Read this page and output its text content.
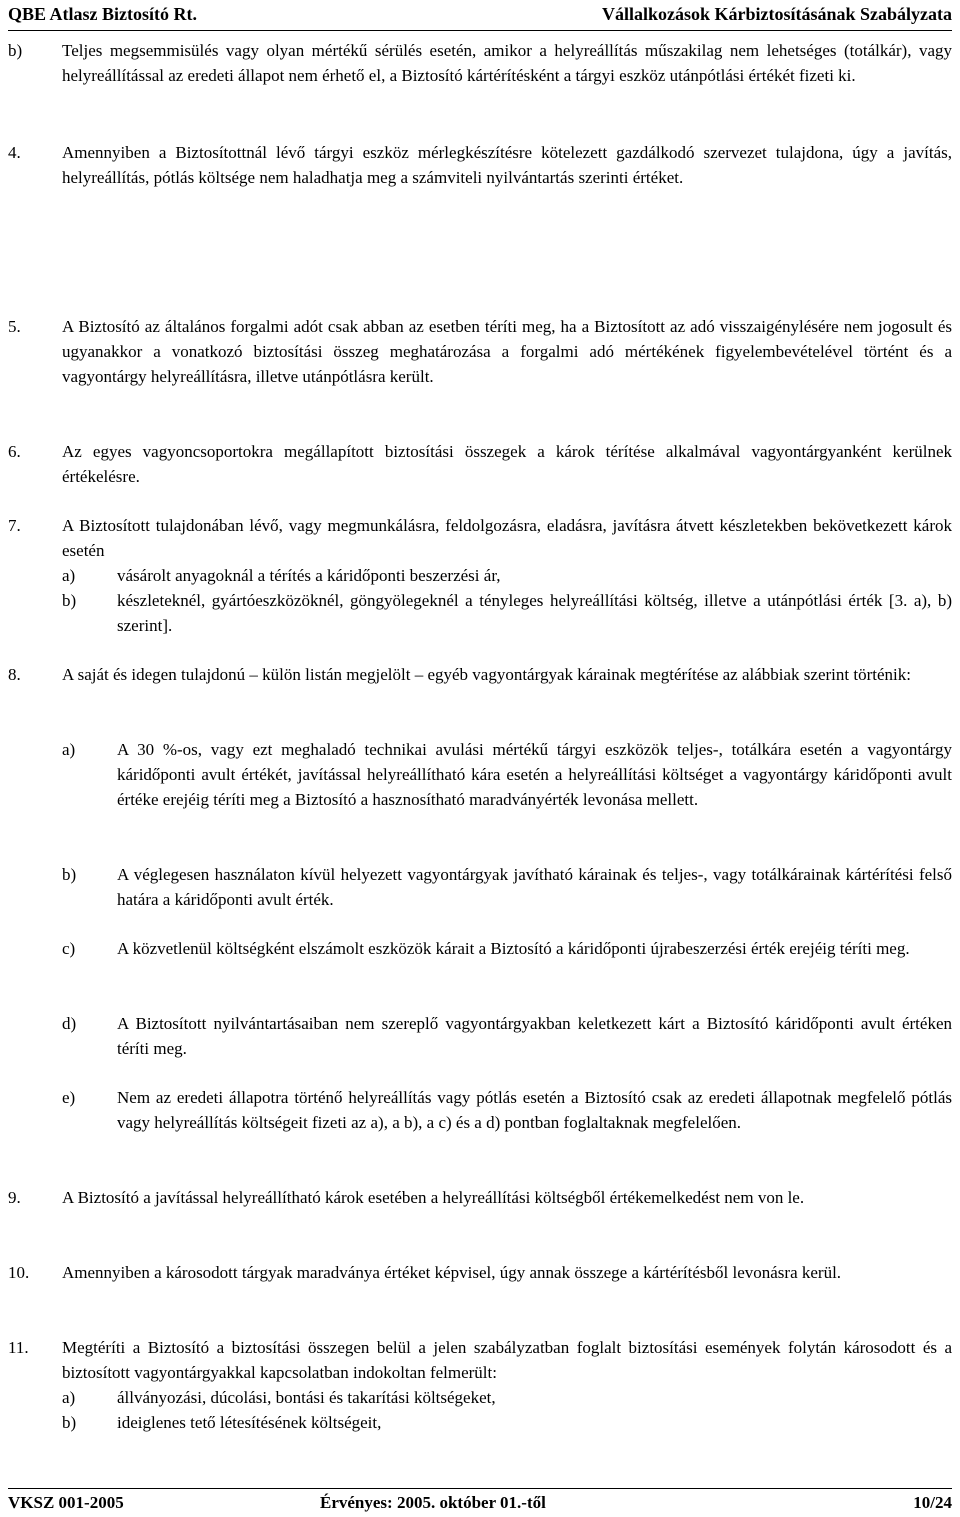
QBE Atlasz Biztosító Rt.	Vállalkozások Kárbiztosításának Szabályzata
b) Teljes megsemmisülés vagy olyan mértékű sérülés esetén, amikor a helyreállítás műszakilag nem lehetséges (totálkár), vagy helyreállítással az eredeti állapot nem érhető el, a Biztosító kártérítésként a tárgyi eszköz utánpótlási értékét fizeti ki.
4. Amennyiben a Biztosítottnál lévő tárgyi eszköz mérlegkészítésre kötelezett gazdálkodó szervezet tulajdona, úgy a javítás, helyreállítás, pótlás költsége nem haladhatja meg a számviteli nyilvántartás szerinti értéket.
5. A Biztosító az általános forgalmi adót csak abban az esetben téríti meg, ha a Biztosított az adó visszaigénylésére nem jogosult és ugyanakkor a vonatkozó biztosítási összeg meghatározása a forgalmi adó mértékének figyelembevételével történt és a vagyontárgy helyreállításra, illetve utánpótlásra került.
6. Az egyes vagyoncsoportokra megállapított biztosítási összegek a károk térítése alkalmával vagyontárgyanként kerülnek értékelésre.
7. A Biztosított tulajdonában lévő, vagy megmunkálásra, feldolgozásra, eladásra, javításra átvett készletekben bekövetkezett károk esetén
a) vásárolt anyagoknál a térítés a káridőponti beszerzési ár,
b) készleteknél, gyártóeszközöknél, göngyölegeknél a tényleges helyreállítási költség, illetve a utánpótlási érték [3. a), b) szerint].
8. A saját és idegen tulajdonú – külön listán megjelölt – egyéb vagyontárgyak kárainak megtérítése az alábbiak szerint történik:
a) A 30 %-os, vagy ezt meghaladó technikai avulási mértékű tárgyi eszközök teljes-, totálkára esetén a vagyontárgy káridőponti avult értékét, javítással helyreállítható kára esetén a helyreállítási költséget a vagyontárgy káridőponti avult értéke erejéig téríti meg a Biztosító a hasznosítható maradványérték levonása mellett.
b) A véglegesen használaton kívül helyezett vagyontárgyak javítható kárainak és teljes-, vagy totálkárainak kártérítési felső határa a káridőponti avult érték.
c) A közvetlenül költségként elszámolt eszközök kárait a Biztosító a káridőponti újrabeszerzési érték erejéig téríti meg.
d) A Biztosított nyilvántartásaiban nem szereplő vagyontárgyakban keletkezett kárt a Biztosító káridőponti avult értéken téríti meg.
e) Nem az eredeti állapotra történő helyreállítás vagy pótlás esetén a Biztosító csak az eredeti állapotnak megfelelő pótlás vagy helyreállítás költségeit fizeti az a), a b), a c) és a d) pontban foglaltaknak megfelelően.
9. A Biztosító a javítással helyreállítható károk esetében a helyreállítási költségből értékemelkedést nem von le.
10. Amennyiben a károsodott tárgyak maradványa értéket képvisel, úgy annak összege a kártérítésből levonásra kerül.
11. Megtéríti a Biztosító a biztosítási összegen belül a jelen szabályzatban foglalt biztosítási események folytán károsodott és a biztosított vagyontárgyakkal kapcsolatban indokoltan felmerült:
a) állványozási, dúcolási, bontási és takarítási költségeket,
b) ideiglenes tető létesítésének költségeit,
VKSZ 001-2005	Érvényes: 2005. október 01.-től	10/24
